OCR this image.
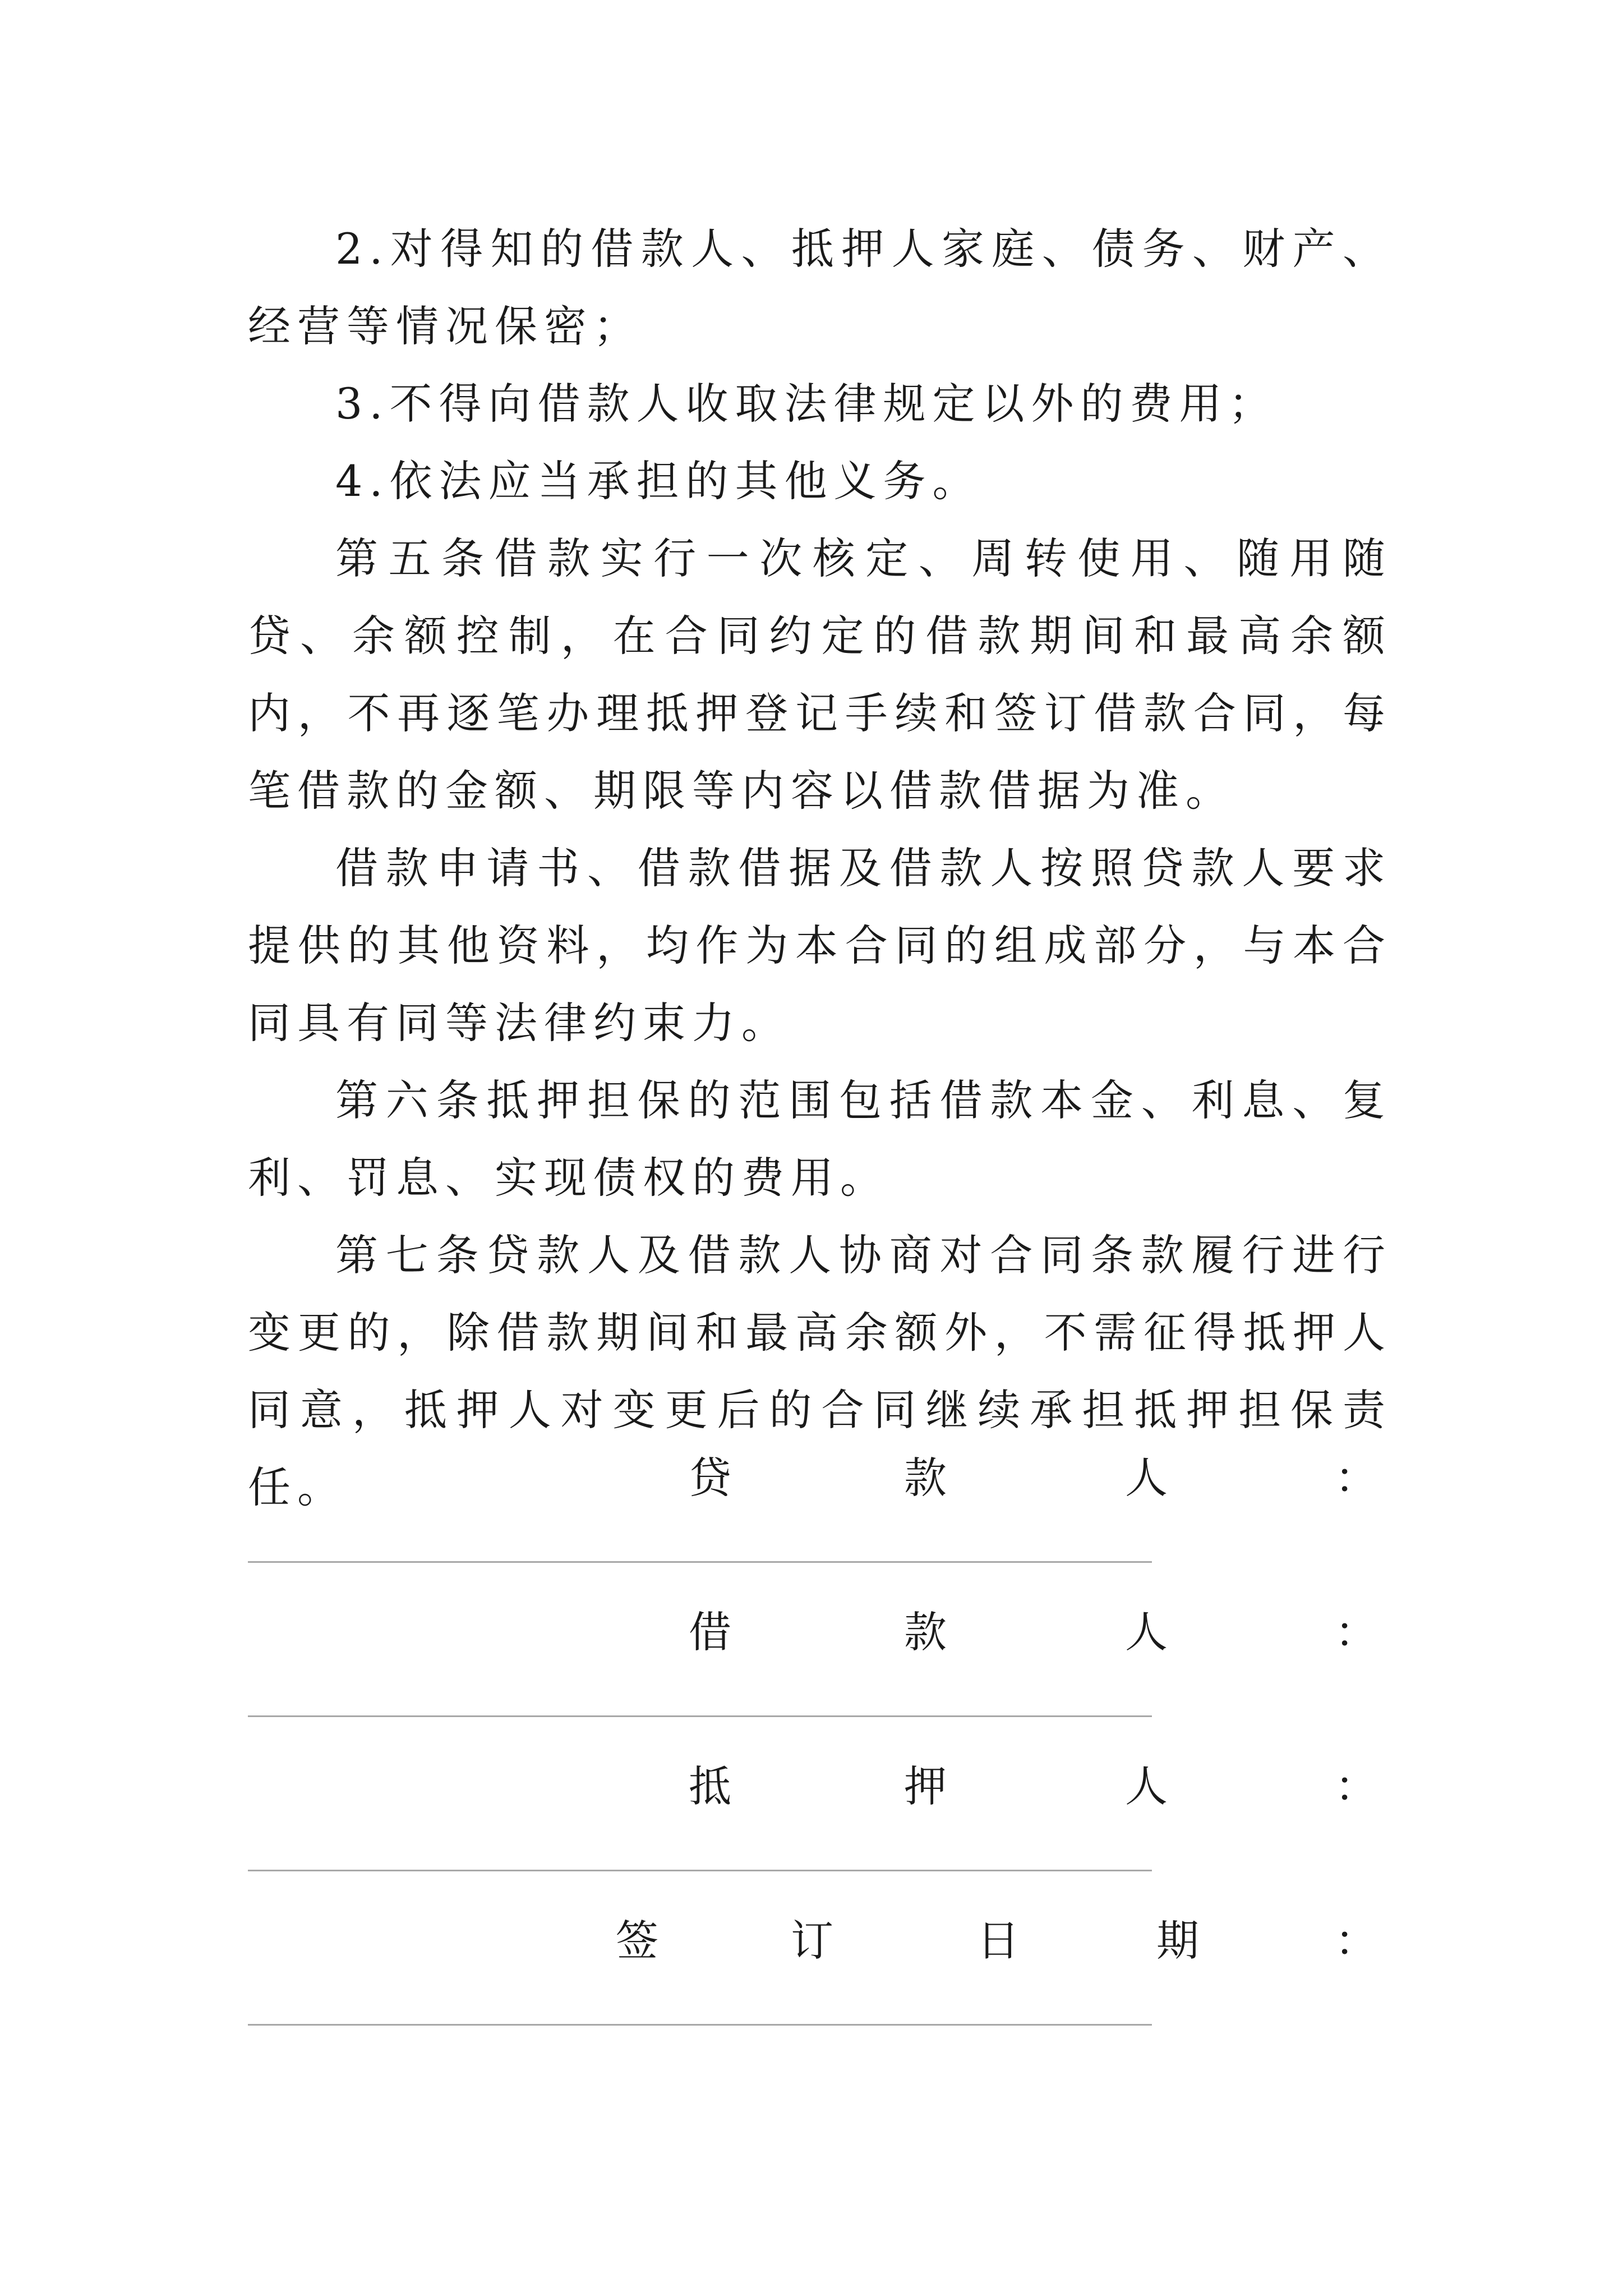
2.对得知的借款人、抵押人家庭、债务、财产、经营等情况保密；

3.不得向借款人收取法律规定以外的费用；

4.依法应当承担的其他义务。

第五条借款实行一次核定、周转使用、随用随贷、余额控制，在合同约定的借款期间和最高余额内，不再逐笔办理抵押登记手续和签订借款合同，每笔借款的金额、期限等内容以借款借据为准。

借款申请书、借款借据及借款人按照贷款人要求提供的其他资料，均作为本合同的组成部分，与本合同具有同等法律约束力。

第六条抵押担保的范围包括借款本金、利息、复利、罚息、实现债权的费用。

第七条贷款人及借款人协商对合同条款履行进行变更的，除借款期间和最高余额外，不需征得抵押人同意，抵押人对变更后的合同继续承担抵押担保责任。	贷	款	人	：
借	款	人	：
抵	押	人	：
签	订	日	期	：
